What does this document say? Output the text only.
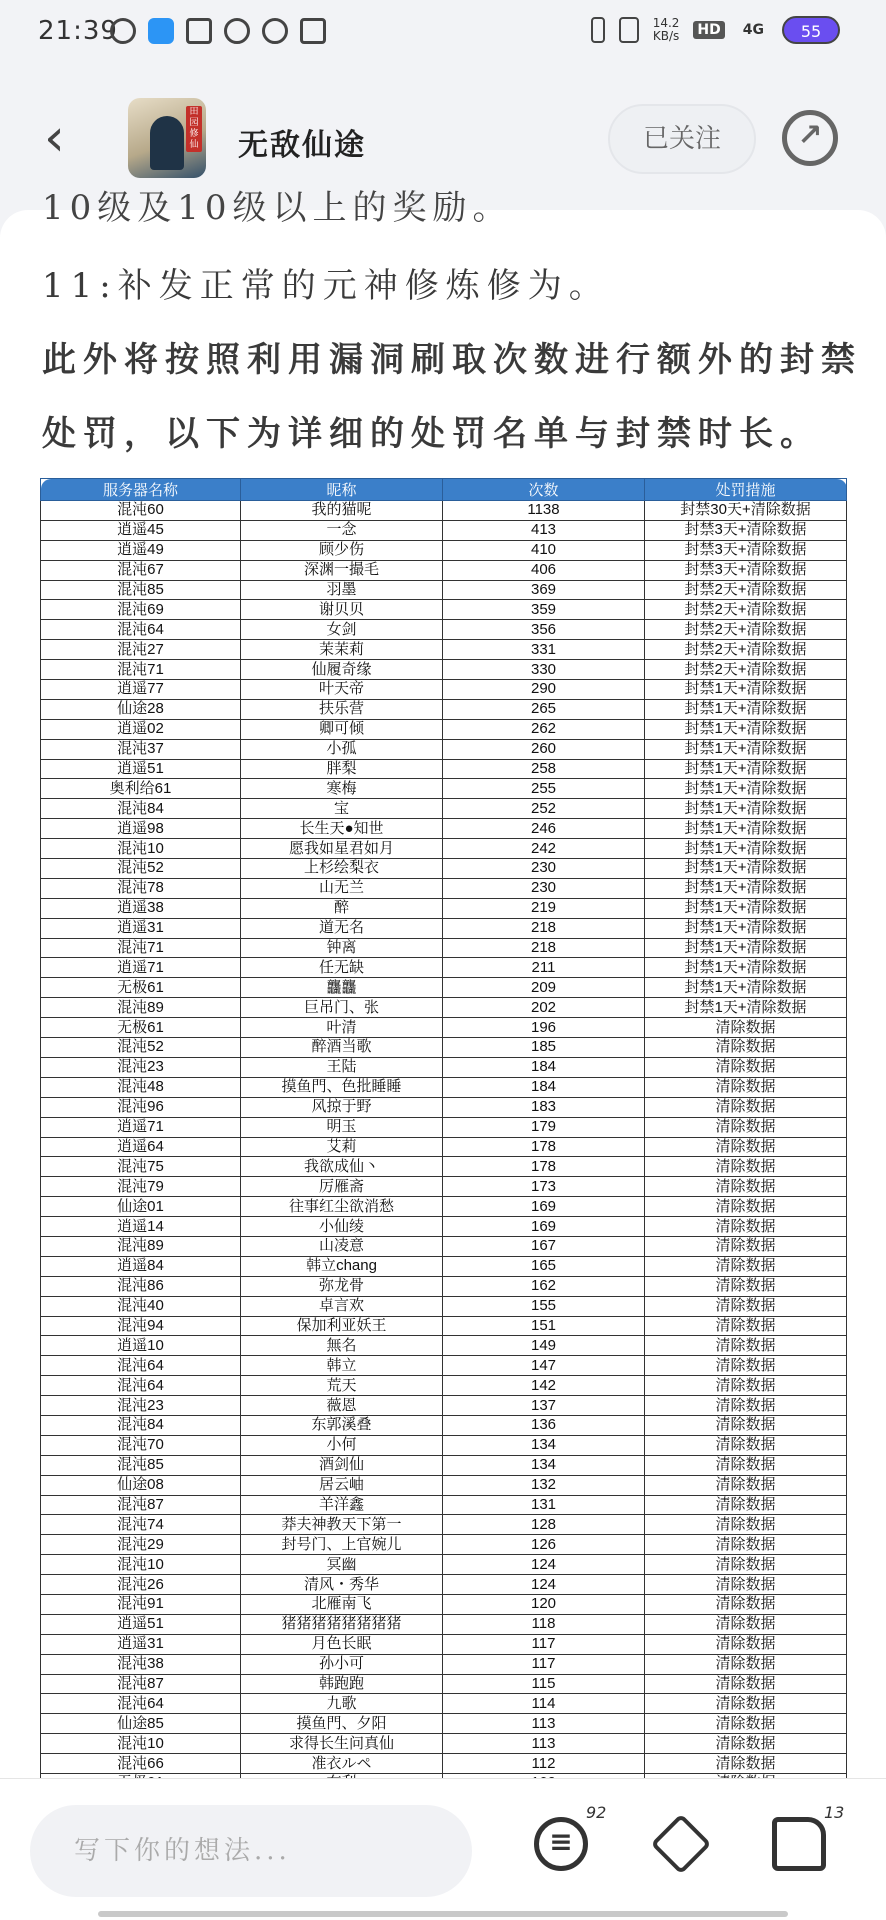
21:39	14.2
KB/s HD 4G	55
‹	田园修仙 无敌仙途	已关注	↗
10级及10级以上的奖励。
11:补发正常的元神修炼修为。
此外将按照利用漏洞刷取次数进行额外的封禁
处罚，以下为详细的处罚名单与封禁时长。
服务器名称	昵称	次数	处罚措施
混沌60	我的猫呢	1138	封禁30天+清除数据
逍遥45	一念	413	封禁3天+清除数据
逍遥49	顾少伤	410	封禁3天+清除数据
混沌67	深渊一撮毛	406	封禁3天+清除数据
混沌85	羽墨	369	封禁2天+清除数据
混沌69	谢贝贝	359	封禁2天+清除数据
混沌64	女剑	356	封禁2天+清除数据
混沌27	茉茉莉	331	封禁2天+清除数据
混沌71	仙履奇缘	330	封禁2天+清除数据
逍遥77	叶天帝	290	封禁1天+清除数据
仙途28	扶乐营	265	封禁1天+清除数据
逍遥02	卿可倾	262	封禁1天+清除数据
混沌37	小孤	260	封禁1天+清除数据
逍遥51	胖梨	258	封禁1天+清除数据
奥利给61	寒梅	255	封禁1天+清除数据
混沌84	宝	252	封禁1天+清除数据
逍遥98	长生天●知世	246	封禁1天+清除数据
混沌10	愿我如星君如月	242	封禁1天+清除数据
混沌52	上杉绘梨衣	230	封禁1天+清除数据
混沌78	山无兰	230	封禁1天+清除数据
逍遥38	醉	219	封禁1天+清除数据
逍遥31	道无名	218	封禁1天+清除数据
混沌71	钟离	218	封禁1天+清除数据
逍遥71	任无缺	211	封禁1天+清除数据
无极61	龘龘	209	封禁1天+清除数据
混沌89	巨吊门、张	202	封禁1天+清除数据
无极61	叶清	196	清除数据
混沌52	醉酒当歌	185	清除数据
混沌23	王陆	184	清除数据
混沌48	摸鱼門、色批睡睡	184	清除数据
混沌96	风掠于野	183	清除数据
逍遥71	明玉	179	清除数据
逍遥64	艾莉	178	清除数据
混沌75	我欲成仙丶	178	清除数据
混沌79	厉雁斋	173	清除数据
仙途01	往事红尘欲消愁	169	清除数据
逍遥14	小仙绫	169	清除数据
混沌89	山凌意	167	清除数据
逍遥84	韩立chang	165	清除数据
混沌86	弥龙骨	162	清除数据
混沌40	卓言欢	155	清除数据
混沌94	保加利亚妖王	151	清除数据
逍遥10	無名	149	清除数据
混沌64	韩立	147	清除数据
混沌64	荒天	142	清除数据
混沌23	薇恩	137	清除数据
混沌84	东郭溪叠	136	清除数据
混沌70	小何	134	清除数据
混沌85	酒剑仙	134	清除数据
仙途08	居云岫	132	清除数据
混沌87	羊洋鑫	131	清除数据
混沌74	莽夫神教天下第一	128	清除数据
混沌29	封号门、上官婉儿	126	清除数据
混沌10	冥幽	124	清除数据
混沌26	清风・秀华	124	清除数据
混沌91	北雁南飞	120	清除数据
逍遥51	猪猪猪猪猪猪猪猪	118	清除数据
逍遥31	月色长眠	117	清除数据
混沌38	孙小可	117	清除数据
混沌87	韩跑跑	115	清除数据
混沌64	九歌	114	清除数据
仙途85	摸鱼門、夕阳	113	清除数据
混沌10	求得长生问真仙	113	清除数据
混沌66	准衣ルペ	112	清除数据

写下你的想法...	≡
92	13
